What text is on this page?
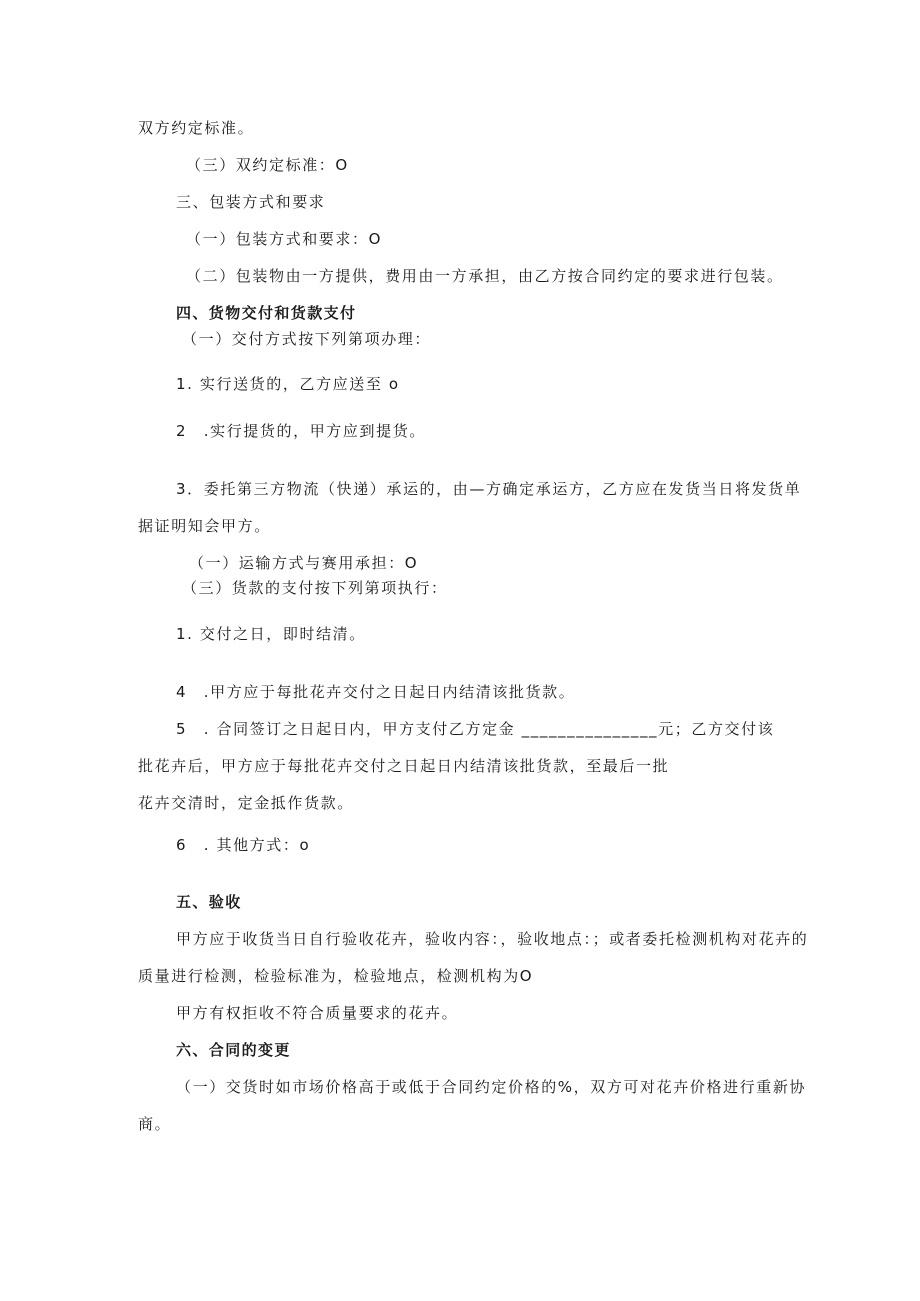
双方约定标准。
（三）双约定标准：O
三、包装方式和要求
（一）包装方式和要求：O
（二）包装物由一方提供，费用由一方承担，由乙方按合同约定的要求进行包装。
四、货物交付和货款支付
（一）交付方式按下列第项办理：
1. 实行送货的，乙方应送至 o
2　.实行提货的，甲方应到提货。
3．委托第三方物流（快递）承运的，由—方确定承运方，乙方应在发货当日将发货单
据证明知会甲方。
（一）运输方式与赛用承担：O
（三）货款的支付按下列第项执行：
1. 交付之日，即时结清。
4　.甲方应于每批花卉交付之日起日内结清该批货款。
5　. 合同签订之日起日内，甲方支付乙方定金 _______________元；乙方交付该
批花卉后，甲方应于每批花卉交付之日起日内结清该批货款，至最后一批
花卉交清时，定金抵作货款。
6　. 其他方式：o
五、验收
甲方应于收货当日自行验收花卉，验收内容：，验收地点：；或者委托检测机构对花卉的
质量进行检测，检验标准为，检验地点，检测机构为O
甲方有权拒收不符合质量要求的花卉。
六、合同的变更
（一）交货时如市场价格高于或低于合同约定价格的%，双方可对花卉价格进行重新协
商。
